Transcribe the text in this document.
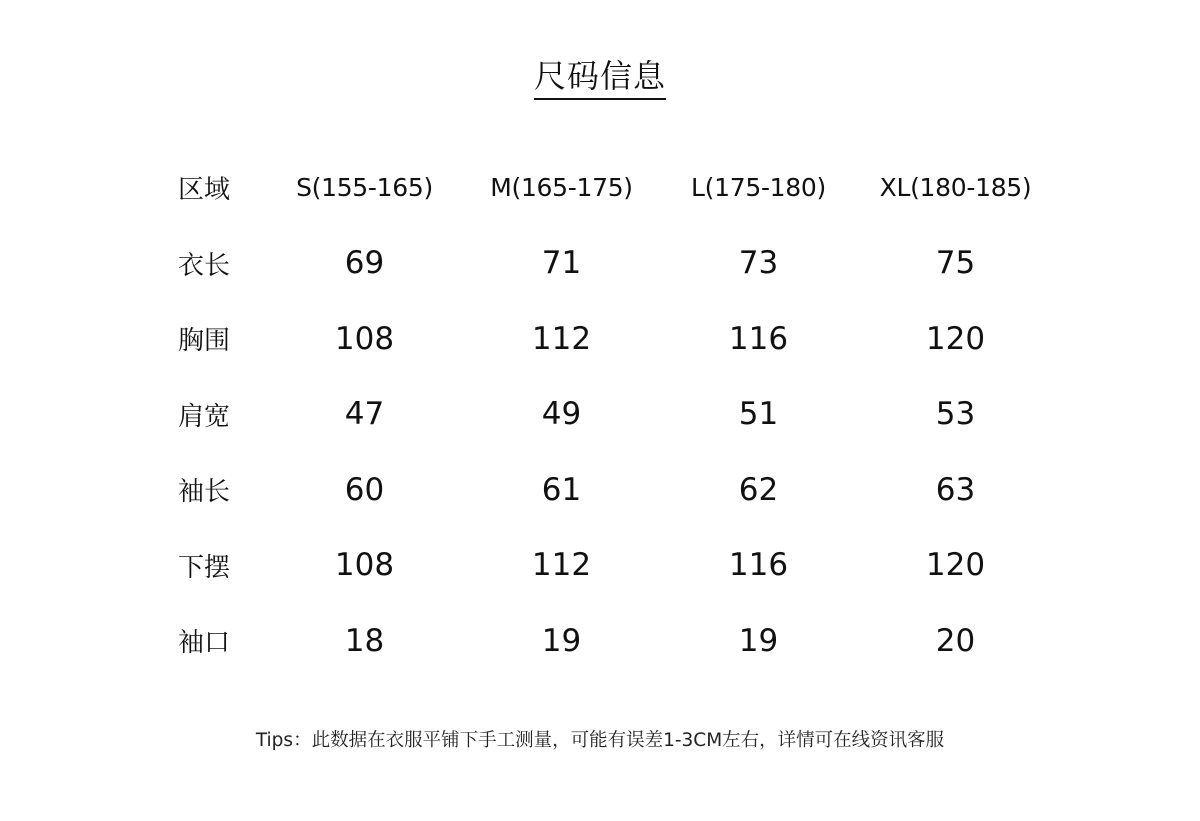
尺码信息
区域	S(155-165)	M(165-175)	L(175-180)	XL(180-185)
衣长	69	71	73	75
胸围	108	112	116	120
肩宽	47	49	51	53
袖长	60	61	62	63
下摆	108	112	116	120
袖口	18	19	19	20
Tips：此数据在衣服平铺下手工测量，可能有误差1-3CM左右，详情可在线资讯客服
